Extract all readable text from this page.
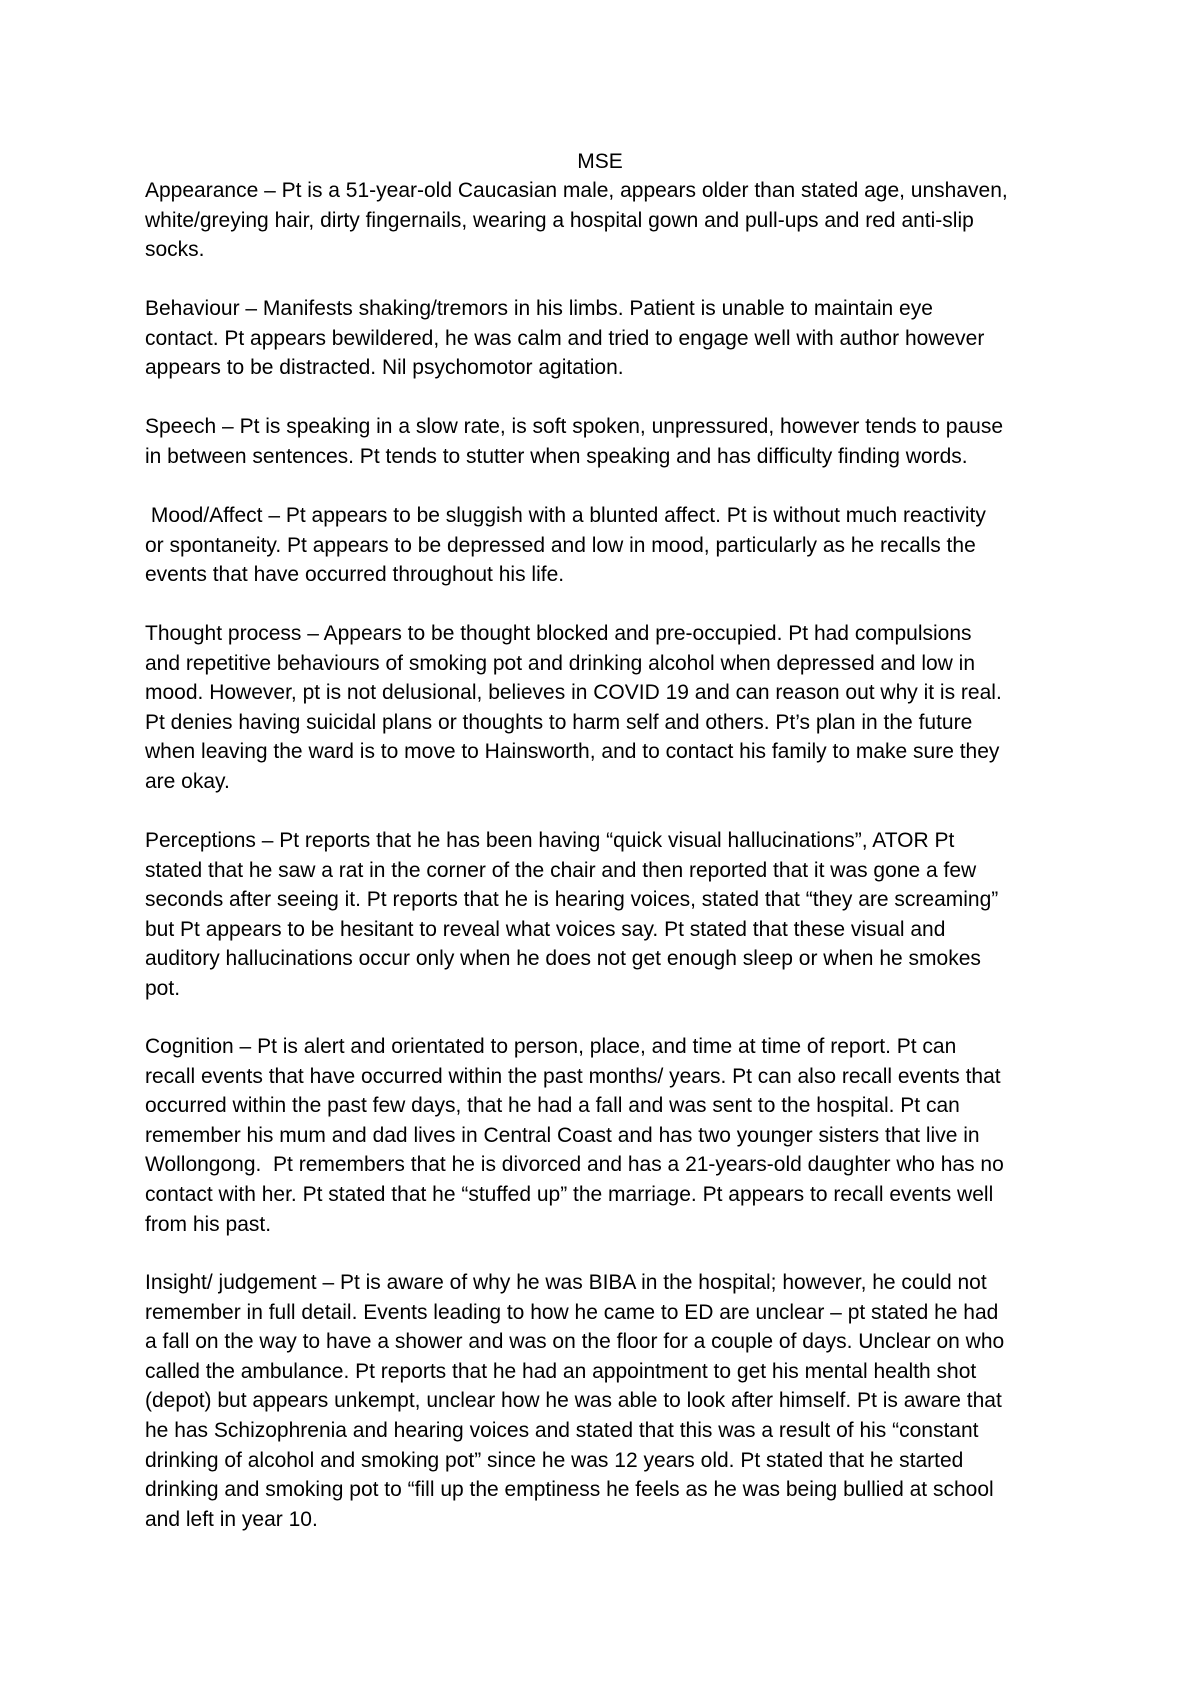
MSE
Appearance – Pt is a 51-year-old Caucasian male, appears older than stated age, unshaven,
white/greying hair, dirty fingernails, wearing a hospital gown and pull-ups and red anti-slip
socks.
Behaviour – Manifests shaking/tremors in his limbs. Patient is unable to maintain eye
contact. Pt appears bewildered, he was calm and tried to engage well with author however
appears to be distracted. Nil psychomotor agitation.
Speech – Pt is speaking in a slow rate, is soft spoken, unpressured, however tends to pause
in between sentences. Pt tends to stutter when speaking and has difficulty finding words.
Mood/Affect – Pt appears to be sluggish with a blunted affect. Pt is without much reactivity
or spontaneity. Pt appears to be depressed and low in mood, particularly as he recalls the
events that have occurred throughout his life.
Thought process – Appears to be thought blocked and pre-occupied. Pt had compulsions
and repetitive behaviours of smoking pot and drinking alcohol when depressed and low in
mood. However, pt is not delusional, believes in COVID 19 and can reason out why it is real.
Pt denies having suicidal plans or thoughts to harm self and others. Pt’s plan in the future
when leaving the ward is to move to Hainsworth, and to contact his family to make sure they
are okay.
Perceptions – Pt reports that he has been having “quick visual hallucinations”, ATOR Pt
stated that he saw a rat in the corner of the chair and then reported that it was gone a few
seconds after seeing it. Pt reports that he is hearing voices, stated that “they are screaming”
but Pt appears to be hesitant to reveal what voices say. Pt stated that these visual and
auditory hallucinations occur only when he does not get enough sleep or when he smokes
pot.
Cognition – Pt is alert and orientated to person, place, and time at time of report. Pt can
recall events that have occurred within the past months/ years. Pt can also recall events that
occurred within the past few days, that he had a fall and was sent to the hospital. Pt can
remember his mum and dad lives in Central Coast and has two younger sisters that live in
Wollongong.  Pt remembers that he is divorced and has a 21-years-old daughter who has no
contact with her. Pt stated that he “stuffed up” the marriage. Pt appears to recall events well
from his past.
Insight/ judgement – Pt is aware of why he was BIBA in the hospital; however, he could not
remember in full detail. Events leading to how he came to ED are unclear – pt stated he had
a fall on the way to have a shower and was on the floor for a couple of days. Unclear on who
called the ambulance. Pt reports that he had an appointment to get his mental health shot
(depot) but appears unkempt, unclear how he was able to look after himself. Pt is aware that
he has Schizophrenia and hearing voices and stated that this was a result of his “constant
drinking of alcohol and smoking pot” since he was 12 years old. Pt stated that he started
drinking and smoking pot to “fill up the emptiness he feels as he was being bullied at school
and left in year 10.
